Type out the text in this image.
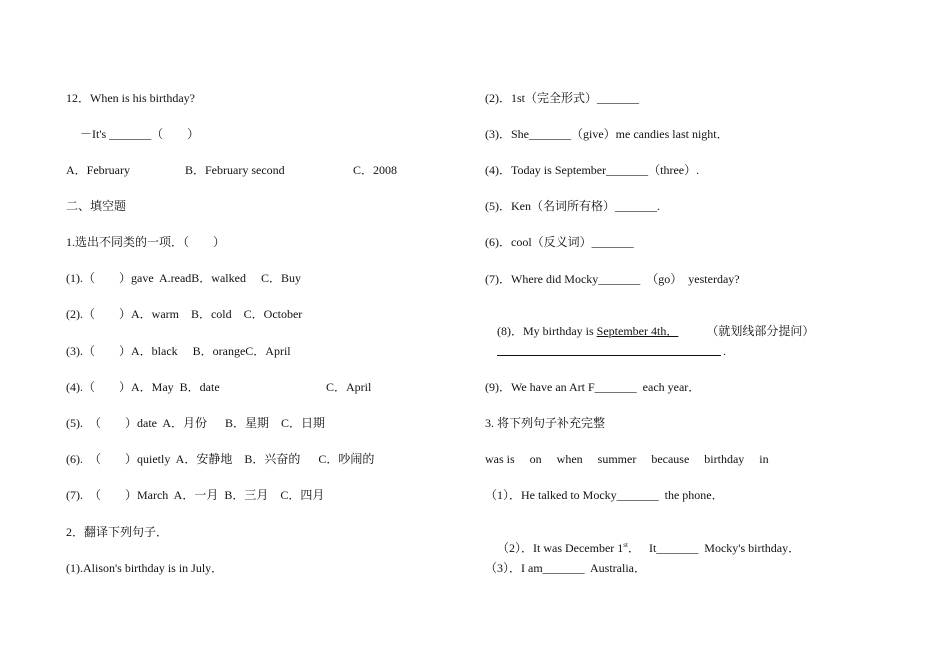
12．When is his birthday?
－It's _______（　　）
A．February	B．February second	C．2008
二、填空题
1.选出不同类的一项．（　　）
(1).（　　）gave  A.readB．walked     C．Buy
(2).（　　）A．warm    B．cold    C．October
(3).（　　）A．black     B．orangeC．April
(4).（　　）A．May  B．date	C．April
(5).  （　　）date  A．月份      B．星期    C．日期
(6).  （　　）quietly  A．安静地    B．兴奋的      C．吵闹的
(7).  （　　）March  A．一月  B．三月    C．四月
2．翻译下列句子．
(1).Alison's birthday is in July．
(2)．1st（完全形式）_______
(3)．She_______（give）me candies last night．
(4)．Today is September_______（three）.
(5)．Ken（名词所有格）_______.
(6)．cool（反义词）_______
(7)．Where did Mocky_______  （go）  yesterday?

(8)．My birthday is September 4th． （就划线部分提问）

.
(9)．We have an Art F_______  each year．
3. 将下列句子补充完整
was is     on     when     summer     because     birthday     in
（1）．He talked to Mocky_______  the phone．

（2）．It was December 1st．   It_______  Mocky's birthday．

（3）．I am_______  Australia．
